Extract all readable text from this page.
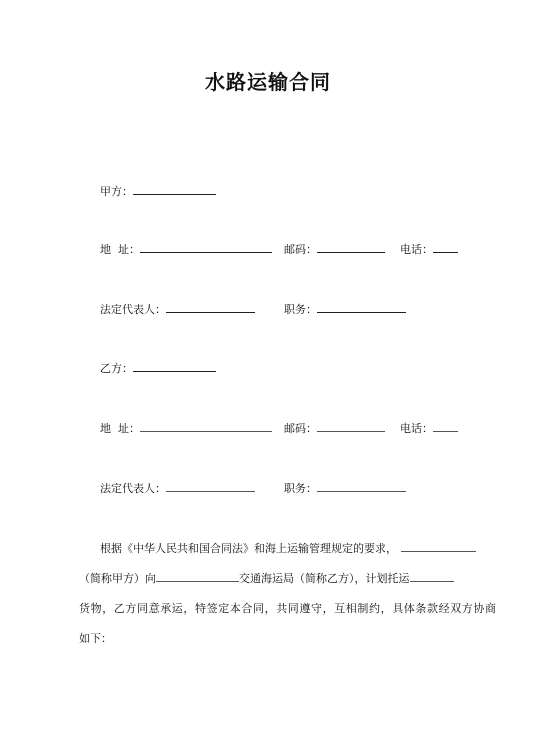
水路运输合同
甲方：
地  址：	邮码：	电话：
法定代表人：	职务：
乙方：
地  址：	邮码：	电话：
法定代表人：	职务：
根据《中华人民共和国合同法》和海上运输管理规定的要求，
（简称甲方）向	交通海运局（简称乙方），计划托运
货物，乙方同意承运，特签定本合同，共同遵守，互相制约，具体条款经双方协商
如下：
